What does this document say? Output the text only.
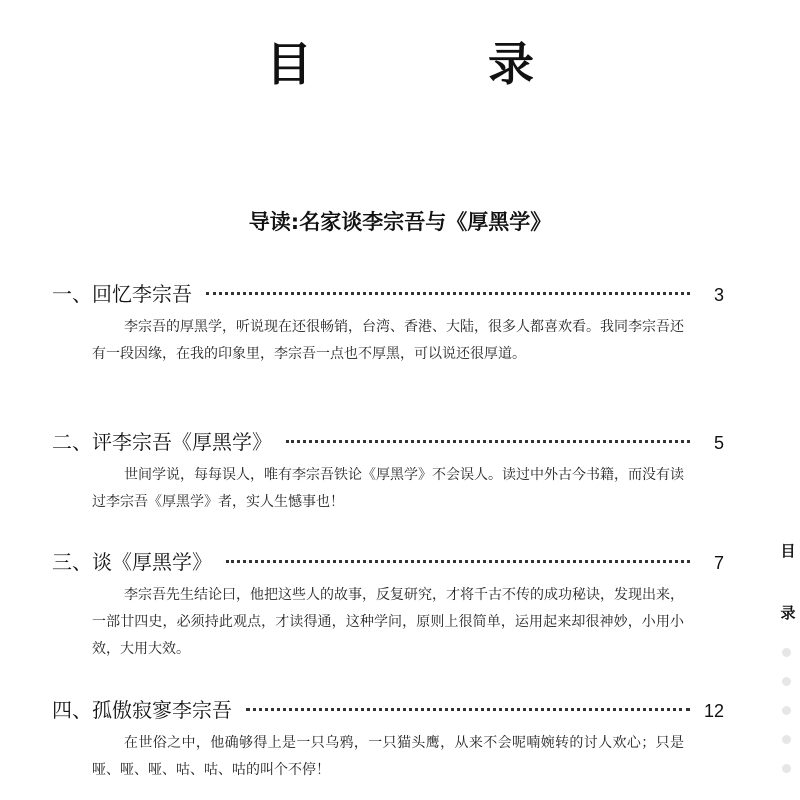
目 录
导读:名家谈李宗吾与《厚黑学》
一、回忆李宗吾	3

李宗吾的厚黑学，听说现在还很畅销，台湾、香港、大陆，很多人都喜欢看。我同李宗吾还有一段因缘，在我的印象里，李宗吾一点也不厚黑，可以说还很厚道。

二、评李宗吾《厚黑学》	5

世间学说，每每误人，唯有李宗吾铁论《厚黑学》不会误人。读过中外古今书籍，而没有读过李宗吾《厚黑学》者，实人生憾事也！

三、谈《厚黑学》	7

李宗吾先生结论曰，他把这些人的故事，反复研究，才将千古不传的成功秘诀，发现出来，一部廿四史，必须持此观点，才读得通，这种学问，原则上很简单，运用起来却很神妙，小用小效，大用大效。

四、孤傲寂寥李宗吾	12

在世俗之中，他确够得上是一只乌鸦，一只猫头鹰，从来不会呢喃婉转的讨人欢心；只是哑、哑、哑、咕、咕、咕的叫个不停！

目
录
